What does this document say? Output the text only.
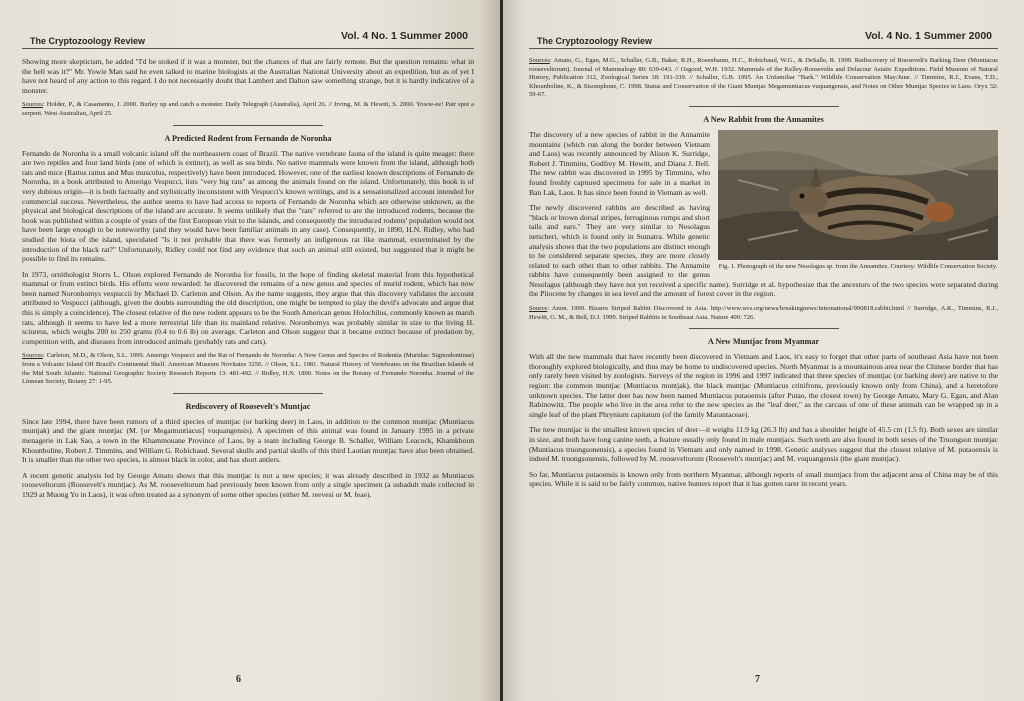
The Cryptozoology Review	Vol. 4 No. 1 Summer 2000

Showing more skepticism, he added "I'd be stoked if it was a monster, but the chances of that are fairly remote. But the question remains: what in the hell was it?" Mr. Yowie Man said he even talked to marine biologists at the Australian National University about an expedition, but as of yet I have not heard of any action to this regard. I do not necessarily doubt that Lambert and Dalton saw something strange, but it is hardly indicative of a monster.

Sources: Holder, P., & Casamento, J. 2000. Burley up and catch a monster. Daily Telegraph (Australia), April 26. // Irving, M. & Hewitt, S. 2000. Yowie-ee! Pair spot a serpent. West Australian, April 25.

A Predicted Rodent from Fernando de Noronha

Fernando de Noronha is a small volcanic island off the northeastern coast of Brazil. The native vertebrate fauna of the island is quite meager: there are two reptiles and four land birds (one of which is extinct), as well as sea birds. No native mammals were known from the island, although both rats and mice (Rattus rattus and Mus musculus, respectively) have been introduced. However, one of the earliest known descriptions of Fernando de Noronha, in a book attributed to Amerigo Vespucci, lists "very big rats" as among the animals found on the island. Unfortunately, this book is of very dubious origin—it is both factually and stylistically inconsistent with Vespucci's known writings, and is a sensationalized account intended for commercial success. Nevertheless, the author seems to have had access to reports of Fernando de Noronha which are otherwise unknown, as the physical and biological descriptions of the island are accurate. It seems unlikely that the "rats" referred to are the introduced rodents, because the book was published within a couple of years of the first European visit to the islands, and consequently the introduced rodents' population would not have been large enough to be noteworthy (and they would have been familiar animals in any case). Consequently, in 1890, H.N. Ridley, who had studied the biota of the island, speculated "Is it not probable that there was formerly an indigenous rat like mammal, exterminated by the introduction of the black rat?" Unfortunately, Ridley could not find any evidence that such an animal still existed, but suggested that it might be possible to find its remains.

In 1973, ornithologist Storrs L. Olson explored Fernando de Noronha for fossils, in the hope of finding skeletal material from this hypothetical mammal or from extinct birds. His efforts were rewarded: he discovered the remains of a new genus and species of murid rodent, which has now been named Noronhomys vespuccii by Michael D. Carleton and Olson. As the name suggests, they argue that this discovery validates the account attributed to Vespucci (although, given the doubts surrounding the old description, one might be tempted to play the devil's advocate and argue that this is simply a coincidence). The closest relative of the new rodent appears to be the South American genus Holochilus, commonly known as marsh rats, although it seems to have led a more terrestrial life than its mainland relative. Noronhomys was probably similar in size to the living H. sciureus, which weighs 200 to 250 grams (0.4 to 0.6 lb) on average. Carleton and Olson suggest that it became extinct because of predation by, competition with, and diseases from introduced animals (probably rats and cats).

Sources: Carleton, M.D., & Olson, S.L. 1999. Amerigo Vespucci and the Rat of Fernando de Noronha: A New Genus and Species of Rodentia (Muridae: Sigmodontinae) from a Volcanic Island Off Brazil's Continental Shelf. American Museum Novitates 3256. // Olson, S.L. 1981. Natural History of Vertebrates on the Brazilian Islands of the Mid South Atlantic. National Geographic Society Research Reports 13: 481-492. // Ridley, H.N. 1890. Notes on the Botany of Fernando Noronha. Journal of the Linnean Society, Botany 27: 1-95.

Rediscovery of Roosevelt's Muntjac

Since late 1994, there have been rumors of a third species of muntjac (or barking deer) in Laos, in addition to the common muntjac (Muntiacus muntjak) and the giant muntjac (M. [or Megamuntiacus] vuquangensis). A specimen of this animal was found in January 1995 in a private menagerie in Lak Sao, a town in the Khammouane Province of Laos, by a team including George B. Schaller, William Leacock, Khamkhoun Khounboline, Robert J. Timmins, and William G. Robichaud. Several skulls and partial skulls of this third Laotian muntjac have also been obtained. It is smaller than the other two species, is almost black in color, and has short antlers.

A recent genetic analysis led by George Amato shows that this muntjac is not a new species; it was already described in 1932 as Muntiacus rooseveltorum (Roosevelt's muntjac). As M. rooseveltorum had previously been known from only a single specimen (a subadult male collected in 1929 at Muong Yo in Laos), it was often treated as a synonym of some other species (either M. reevesi or M. feae).

6
The Cryptozoology Review	Vol. 4 No. 1 Summer 2000

Sources: Amato, G., Egan, M.G., Schaller, G.B., Baker, R.H., Rosenbaum, H.C., Robichaud, W.G., & DeSalle, R. 1999. Rediscovery of Roosevelt's Barking Deer (Muntiacus rooseveltorum). Journal of Mammalogy 80: 639-643. // Osgood, W.H. 1932. Mammals of the Kelley-Roosevelts and Delacour Asiatic Expeditions. Field Museum of Natural History, Publication 312, Zoological Series 18: 191-339. // Schaller, G.B. 1995. An Unfamiliar "Bark." Wildlife Conservation May/June. // Timmins, R.J., Evans, T.D., Khounboline, K., & Sisomphone, C. 1998. Status and Conservation of the Giant Muntjac Megamuntiacus vuquangensis, and Notes on Other Muntjac Species in Laos. Oryx 32: 59-67.

A New Rabbit from the Annamites
Fig. 1. Photograph of the new Nesolagus sp. from the Annamites. Courtesy: Wildlife Conservation Society.

The discovery of a new species of rabbit in the Annamite mountains (which run along the border between Vietnam and Laos) was recently announced by Alison K. Surridge, Robert J. Timmins, Godfrey M. Hewitt, and Diana J. Bell. The new rabbit was discovered in 1995 by Timmins, who found freshly captured specimens for sale in a market in Ban Lak, Laos. It has since been found in Vietnam as well.

The newly discovered rabbits are described as having "black or brown dorsal stripes, ferruginous rumps and short tails and ears." They are very similar to Nesolagus netscheri, which is found only in Sumatra. While genetic analysis shows that the two populations are distinct enough to be considered separate species, they are more closely related to each other than to other rabbits. The Annamite rabbits have consequently been assigned to the genus Nesolagus (although they have not yet received a specific name). Surridge et al. hypothesize that the ancestors of the two species were separated during the Pliocene by changes in sea level and the amount of forest cover in the region.

Source: Anon. 1999. Bizarre Striped Rabbit Discovered in Asia. http://www.wcs.org/news/breakingnews/international/990818.rabbit.html // Surridge, A.K., Timmins, R.J., Hewitt, G. M., & Bell, D.J. 1999. Striped Rabbits in Southeast Asia. Nature 400: 726.

A New Muntjac from Myanmar

With all the new mammals that have recently been discovered in Vietnam and Laos, it's easy to forget that other parts of southeast Asia have not been thoroughly explored biologically, and thus may be home to undiscovered species. North Myanmar is a mountainous area near the Chinese border that has only rarely been visited by zoologists. Surveys of the region in 1996 and 1997 indicated that three species of muntjac (or barking deer) are native to the region: the common muntjac (Muntiacus muntjak), the black muntjac (Muntiacus crinifrons, previously known only from China), and a heretofore unknown species. The latter deer has now been named Muntiacus putaoensis (after Putao, the closest town) by George Amato, Mary G. Egan, and Alan Rabinowitz. The people who live in the area refer to the new species as the "leaf deer," as the carcass of one of these animals can be wrapped up in a single leaf of the plant Phrynium capitatum (of the family Marantaceae).

The new muntjac is the smallest known species of deer—it weighs 11.9 kg (26.3 lb) and has a shoulder height of 45.5 cm (1.5 ft). Both sexes are similar in size, and both have long canine teeth, a feature usually only found in male muntjacs. Such teeth are also found in both sexes of the Truongson muntjac (Muntiacus truongsonensis), a species found in Vietnam and only named in 1998. Genetic analyses suggest that the closest relative of M. putaoensis is indeed M. truongsonensis, followed by M. rooseveltorum (Roosevelt's muntjac) and M. vuquangensis (the giant muntjac).

So far, Muntiacus putaoensis is known only from northern Myanmar, although reports of small muntjacs from the adjacent area of China may be of this species. While it is said to be fairly common, native hunters report that it has gotten rarer in recent years.

7
